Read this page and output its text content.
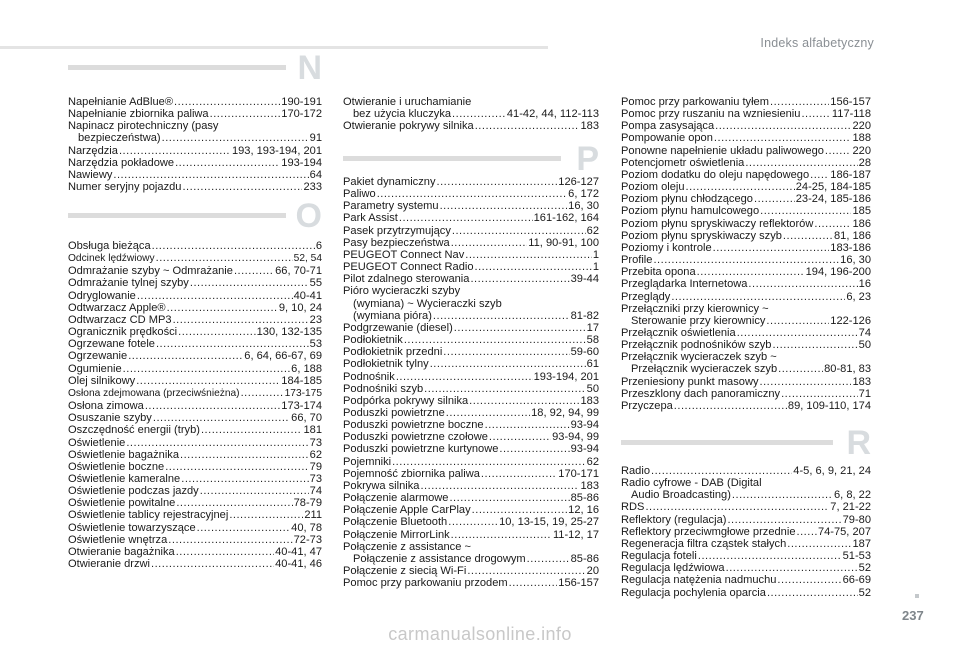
Indeks alfabetyczny
N
Napełnianie AdBlue® .....	190-191
Napełnianie zbiornika paliwa .....	170-172
Napinacz pirotechniczny (pasy
bezpieczeństwa) .....	91
Narzędzia .....	193, 193-194, 201
Narzędzia pokładowe .....	193-194
Nawiewy .....	64
Numer seryjny pojazdu .....	233
O
Obsługa bieżąca .....	6
Odcinek lędźwiowy .....	52, 54
Odmrażanie szyby ~ Odmrażanie .....	66, 70-71
Odmrażanie tylnej szyby .....	55
Odryglowanie .....	40-41
Odtwarzacz Apple® .....	9, 10, 24
Odtwarzacz CD MP3 .....	23
Ogranicznik prędkości .....	130, 132-135
Ogrzewane fotele .....	53
Ogrzewanie .....	6, 64, 66-67, 69
Ogumienie .....	6, 188
Olej silnikowy .....	184-185
Osłona zdejmowana (przeciwśnieżna) .....	173-175
Osłona zimowa .....	173-174
Osuszanie szyby .....	66, 70
Oszczędność energii (tryb) .....	181
Oświetlenie .....	73
Oświetlenie bagażnika .....	62
Oświetlenie boczne .....	79
Oświetlenie kameralne .....	73
Oświetlenie podczas jazdy .....	74
Oświetlenie powitalne .....	78-79
Oświetlenie tablicy rejestracyjnej .....	211
Oświetlenie towarzyszące .....	40, 78
Oświetlenie wnętrza .....	72-73
Otwieranie bagażnika .....	40-41, 47
Otwieranie drzwi .....	40-41, 46
Otwieranie i uruchamianie
bez użycia kluczyka .....	41-42, 44, 112-113
Otwieranie pokrywy silnika .....	183
P
Pakiet dynamiczny .....	126-127
Paliwo .....	6, 172
Parametry systemu .....	16, 30
Park Assist .....	161-162, 164
Pasek przytrzymujący .....	62
Pasy bezpieczeństwa .....	11, 90-91, 100
PEUGEOT Connect Nav .....	1
PEUGEOT Connect Radio .....	1
Pilot zdalnego sterowania .....	39-44
Pióro wycieraczki szyby
(wymiana) ~ Wycieraczki szyb
(wymiana pióra) .....	81-82
Podgrzewanie (diesel) .....	17
Podłokietnik .....	58
Podłokietnik przedni .....	59-60
Podłokietnik tylny .....	61
Podnośnik .....	193-194, 201
Podnośniki szyb .....	50
Podpórka pokrywy silnika .....	183
Poduszki powietrzne .....	18, 92, 94, 99
Poduszki powietrzne boczne .....	93-94
Poduszki powietrzne czołowe .....	93-94, 99
Poduszki powietrzne kurtynowe .....	93-94
Pojemniki .....	62
Pojemność zbiornika paliwa .....	170-171
Pokrywa silnika .....	183
Połączenie alarmowe .....	85-86
Połączenie Apple CarPlay .....	12, 16
Połączenie Bluetooth .....	10, 13-15, 19, 25-27
Połączenie MirrorLink .....	11-12, 17
Połączenie z assistance ~
Połączenie z assistance drogowym .....	85-86
Połączenie z siecią Wi-Fi .....	20
Pomoc przy parkowaniu przodem .....	156-157
Pomoc przy parkowaniu tyłem .....	156-157
Pomoc przy ruszaniu na wzniesieniu .....	117-118
Pompa zasysająca .....	220
Pompowanie opon .....	188
Ponowne napełnienie układu paliwowego .....	220
Potencjometr oświetlenia .....	28
Poziom dodatku do oleju napędowego ..... 186-187
Poziom oleju .....	24-25, 184-185
Poziom płynu chłodzącego .....	23-24, 185-186
Poziom płynu hamulcowego .....	185
Poziom płynu spryskiwaczy reflektorów .....	186
Poziom płynu spryskiwaczy szyb .....	81, 186
Poziomy i kontrole .....	183-186
Profile .....	16, 30
Przebita opona .....	194, 196-200
Przeglądarka Internetowa .....	16
Przeglądy .....	6, 23
Przełączniki przy kierownicy ~
Sterowanie przy kierownicy .....	122-126
Przełącznik oświetlenia .....	74
Przełącznik podnośników szyb .....	50
Przełącznik wycieraczek szyb ~
Przełącznik wycieraczek szyb .....	80-81, 83
Przeniesiony punkt masowy .....	183
Przeszklony dach panoramiczny .....	71
Przyczepa .....	89, 109-110, 174
R
Radio .....	4-5, 6, 9, 21, 24
Radio cyfrowe - DAB (Digital
Audio Broadcasting) .....	6, 8, 22
RDS .....	7, 21-22
Reflektory (regulacja) .....	79-80
Reflektory przeciwmgłowe przednie ..... 74-75, 207
Regeneracja filtra cząstek stałych .....	187
Regulacja foteli .....	51-53
Regulacja lędźwiowa .....	52
Regulacja natężenia nadmuchu .....	66-69
Regulacja pochylenia oparcia .....	52
237
carmanualsonline.info
